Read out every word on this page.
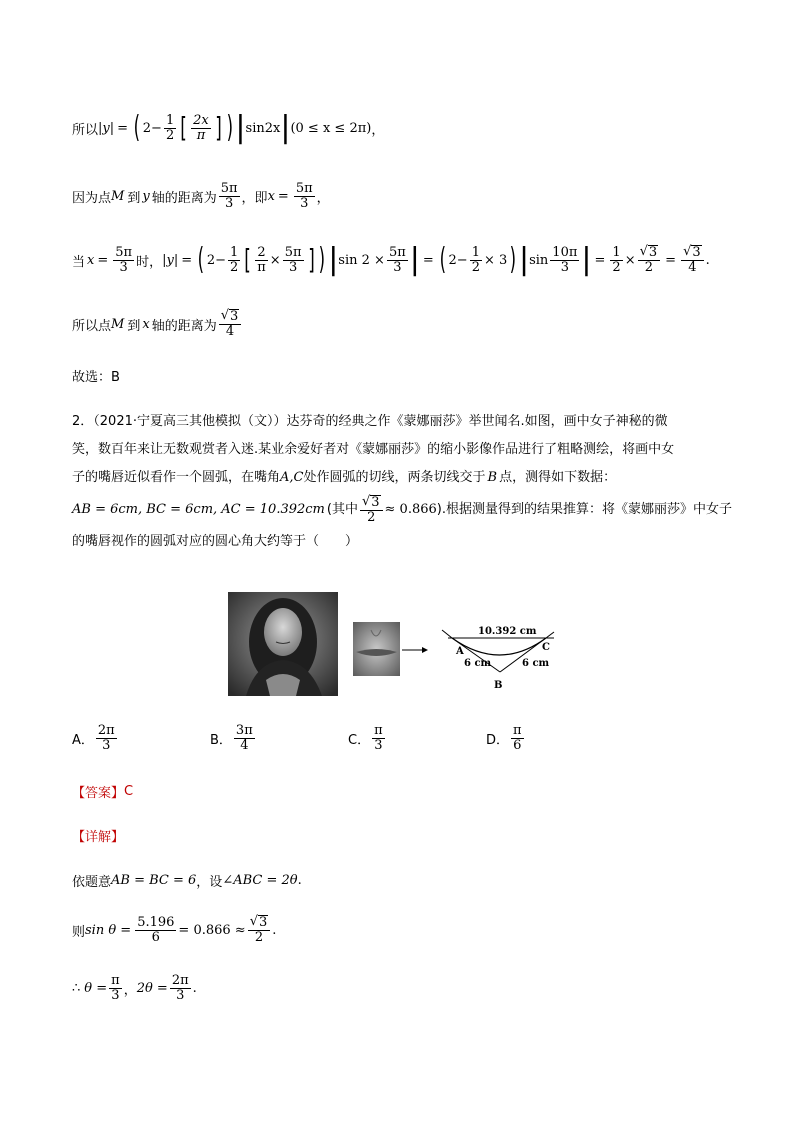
所以 |y| = ( $2 - \frac{1}{2}$ [ $\frac{2x}{\pi}$ ] ) | sin2x | (0 ≤ x ≤ 2π) ，
因为点 M 到 y 轴的距离为 $\frac{5\pi}{3}$ ，即 $x = \frac{5\pi}{3}$ ，
当 $x = \frac{5\pi}{3}$ 时， |y| = ( $2 - \frac{1}{2}$ [ $\frac{2}{\pi} \times \frac{5\pi}{3}$ ] ) | $\sin 2 \times \frac{5\pi}{3}$ | = ( $2 - \frac{1}{2} \times 3$ ) | $\sin \frac{10\pi}{3}$ | = $\frac{1}{2} \times \frac{√ 3}{2} = \frac{√ 3}{4}$ .
所以点 M 到 x 轴的距离为 $\frac{√ 3}{4}$
故选：B
2．（2021·宁夏高三其他模拟（文））达芬奇的经典之作《蒙娜丽莎》举世闻名.如图，画中女子神秘的微
笑，数百年来让无数观赏者入迷.某业余爱好者对《蒙娜丽莎》的缩小影像作品进行了粗略测绘，将画中女
子的嘴唇近似看作一个圆弧，在嘴角A,C处作圆弧的切线，两条切线交于 B 点，测得如下数据：
AB = 6cm, BC = 6cm, AC = 10.392cm (其中 $\frac{√ 3}{2} \approx 0.866$ ).根据测量得到的结果推算：将《蒙娜丽莎》中女子
的嘴唇视作的圆弧对应的圆心角大约等于（　　）
10.392 cm
A	C
B
6 cm	6 cm
A． $\frac{2\pi}{3}$	B． $\frac{3\pi}{4}$	C． $\frac{\pi}{3}$	D． $\frac{\pi}{6}$
【答案】 C
【详解】
依题意 AB = BC = 6 ，设 ∠ABC = 2θ .
则 $\sin \theta = \frac{5.196}{6} = 0.866 \approx \frac{√ 3}{2}$ .
∴ $\theta = \frac{\pi}{3}$ ， $2\theta = \frac{2\pi}{3}$ .
